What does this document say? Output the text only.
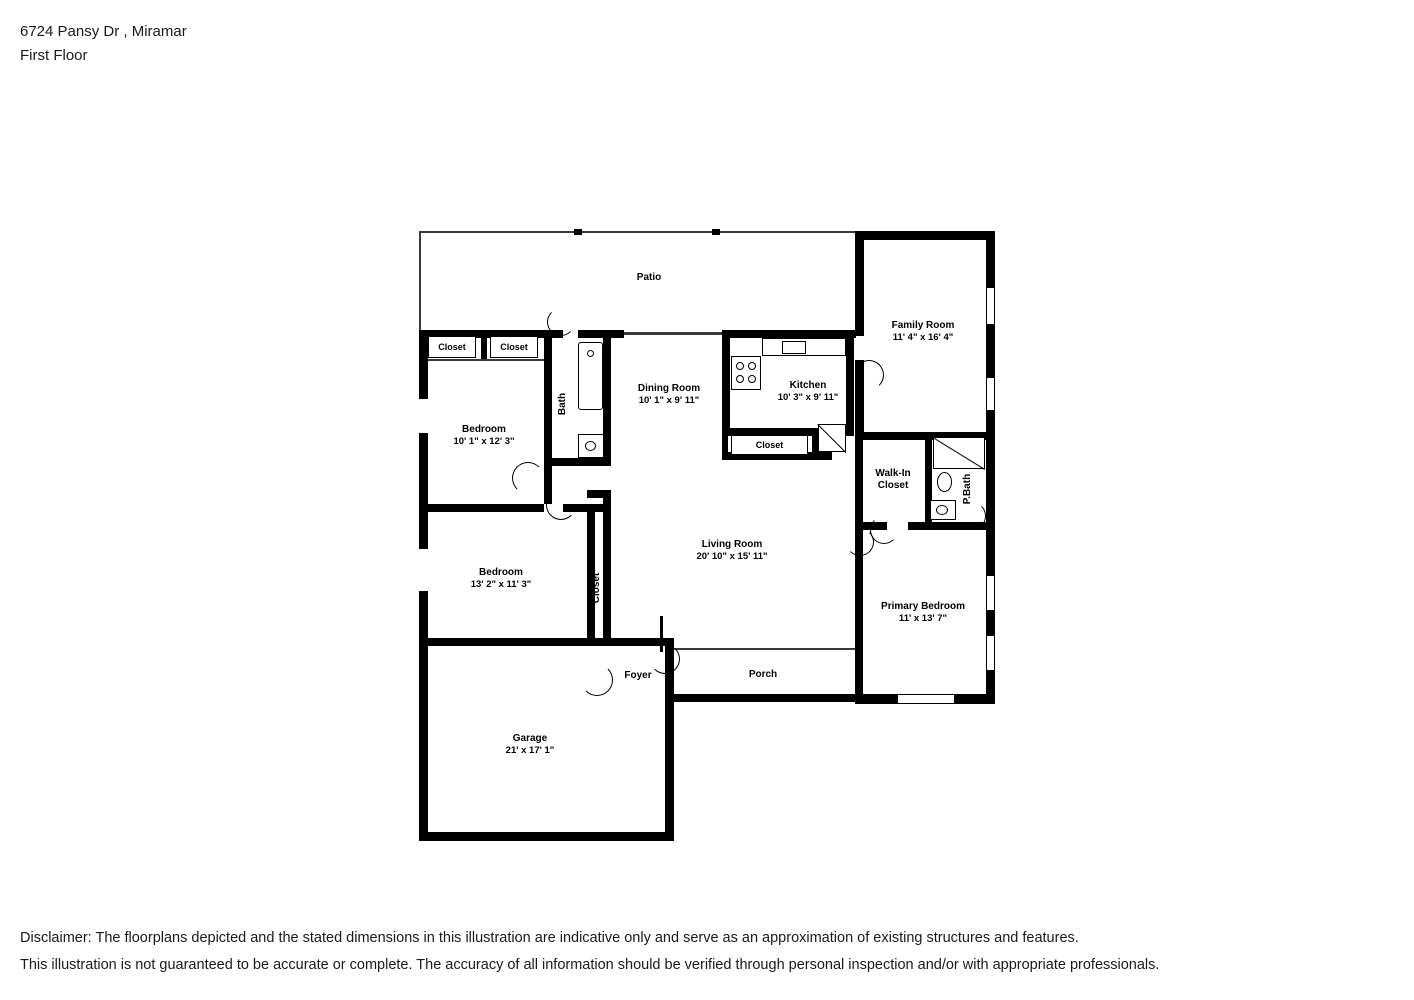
6724 Pansy Dr , Miramar
First Floor
Patio
Family Room
11' 4" x 16' 4"
Dining Room
10' 1" x 9' 11"
Kitchen
10' 3" x 9' 11"
Bedroom
10' 1" x 12' 3"
Living Room
20' 10" x 15' 11"
Bedroom
13' 2" x 11' 3"
Primary Bedroom
11' x 13' 7"
Porch
Foyer
Garage
21' x 17' 1"
Bath
P.Bath
Closet
Closet
Walk-In
Closet
Closet	Closet
Closet
Disclaimer: The floorplans depicted and the stated dimensions in this illustration are indicative only and serve as an approximation of existing structures and features.
This illustration is not guaranteed to be accurate or complete. The accuracy of all information should be verified through personal inspection and/or with appropriate professionals.
